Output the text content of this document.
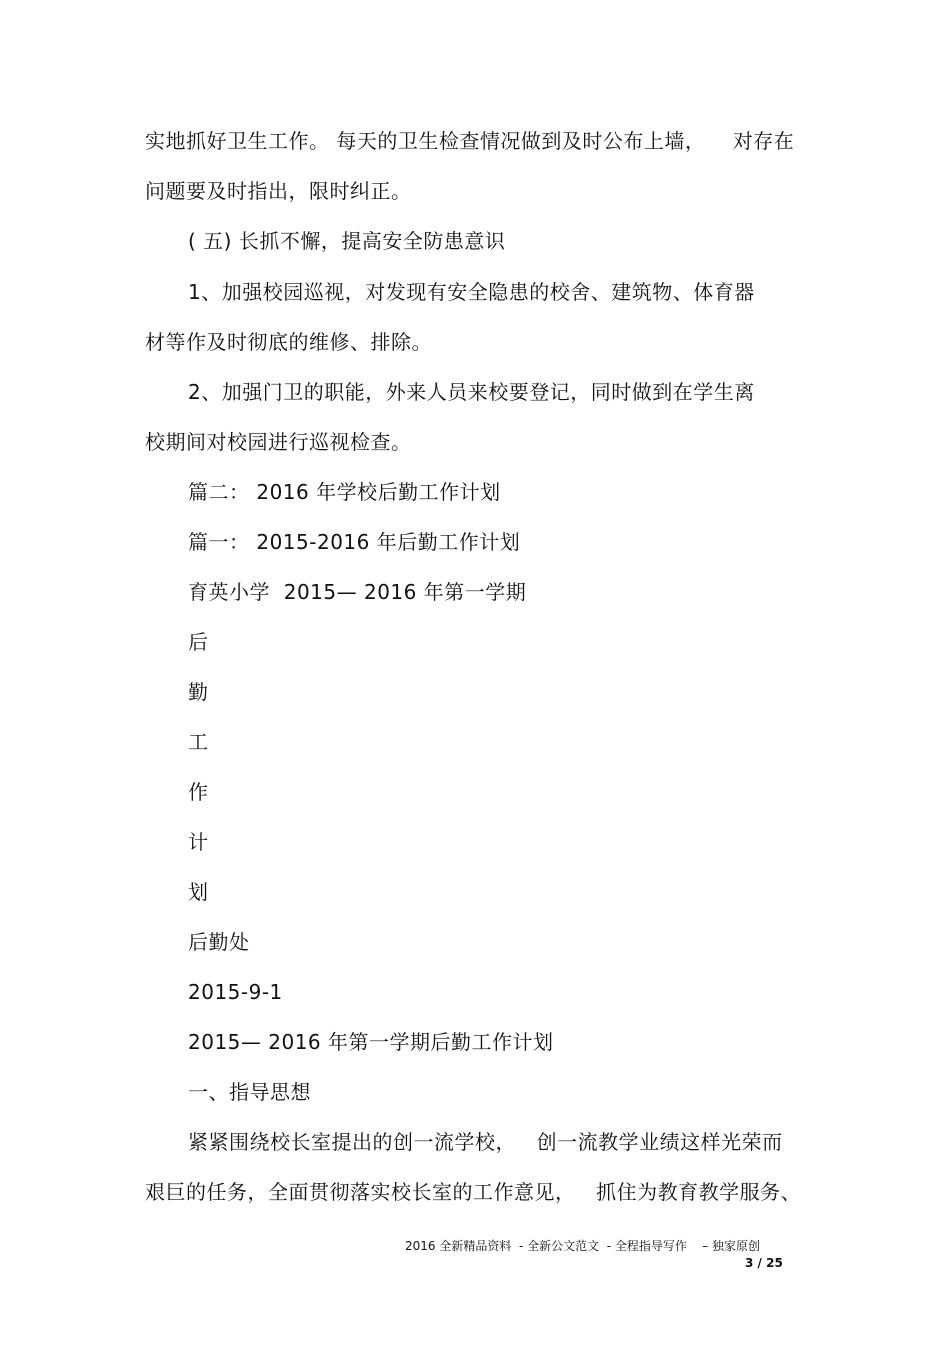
实地抓好卫生工作。 每天的卫生检查情况做到及时公布上墙，    对存在
问题要及时指出，限时纠正。
( 五) 长抓不懈，提高安全防患意识
1、加强校园巡视，对发现有安全隐患的校舍、建筑物、体育器
材等作及时彻底的维修、排除。
2、加强门卫的职能，外来人员来校要登记，同时做到在学生离
校期间对校园进行巡视检查。
篇二： 2016 年学校后勤工作计划
篇一： 2015-2016 年后勤工作计划
育英小学  2015— 2016 年第一学期
后
勤
工
作
计
划
后勤处
2015-9-1
2015— 2016 年第一学期后勤工作计划
一、指导思想
紧紧围绕校长室提出的创一流学校，   创一流教学业绩这样光荣而
艰巨的任务，全面贯彻落实校长室的工作意见，   抓住为教育教学服务、
2016 全新精品资料  - 全新公文范文  - 全程指导写作    – 独家原创
3 / 25
